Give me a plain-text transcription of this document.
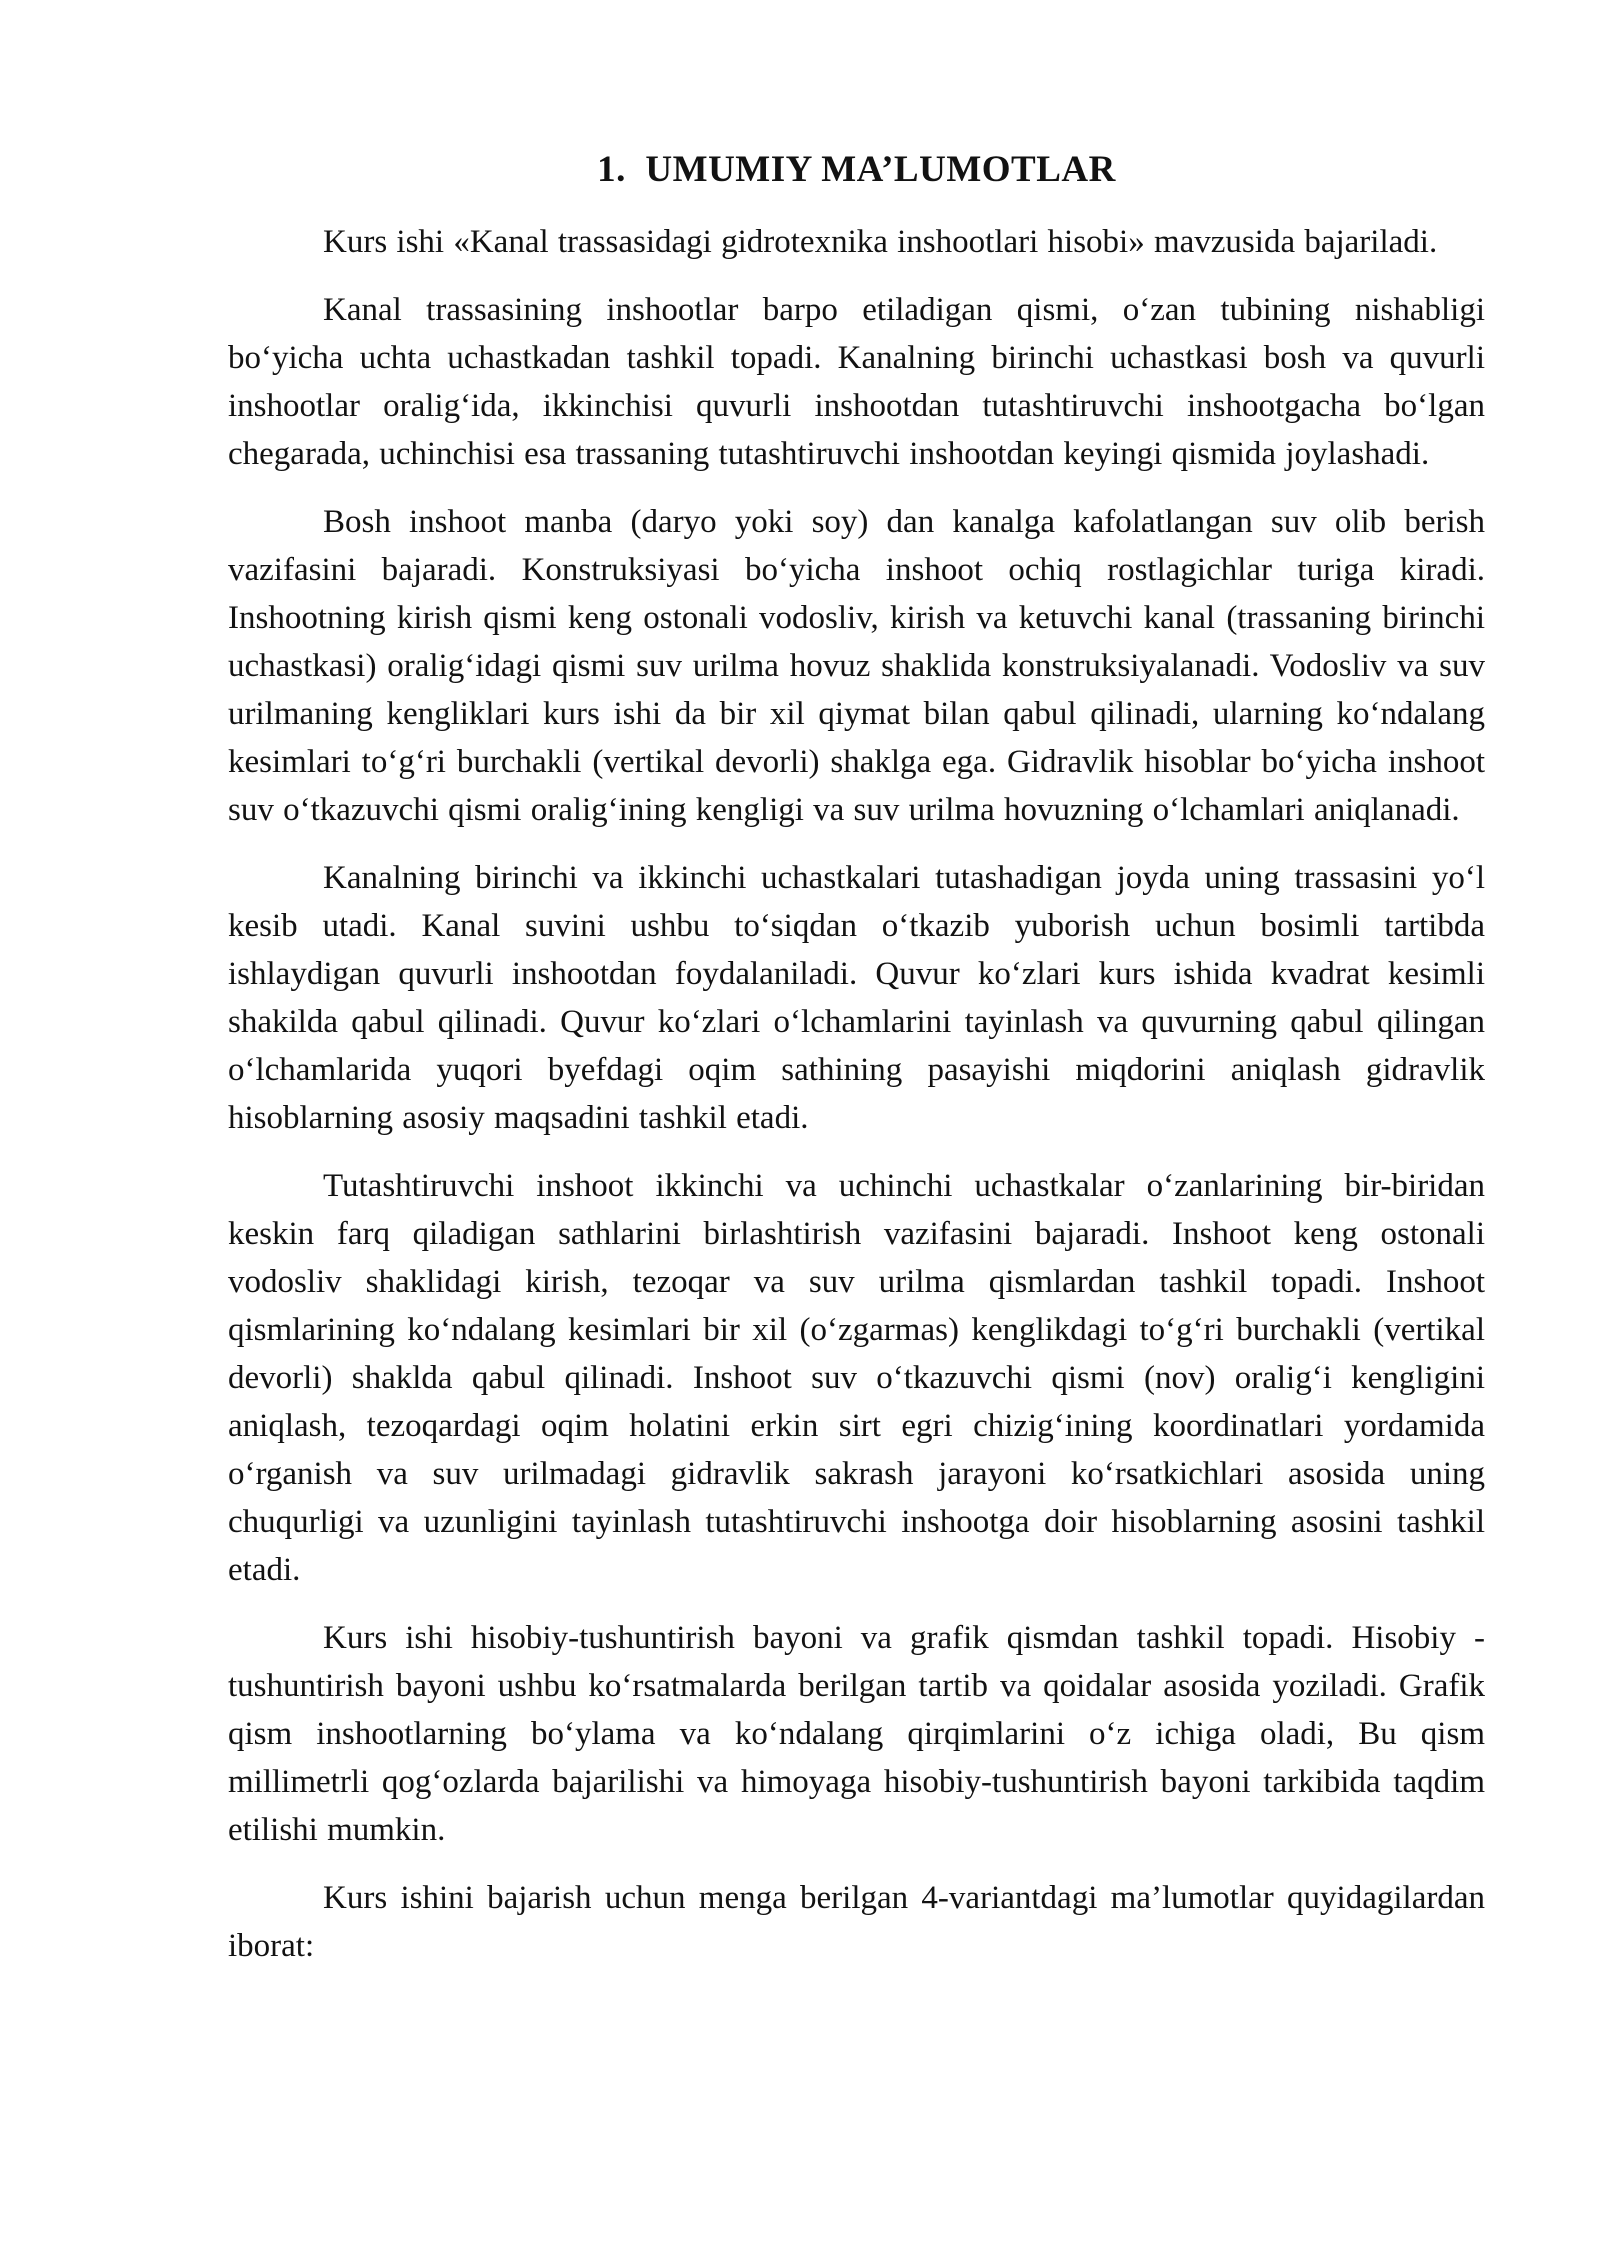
1.  UMUMIY MA’LUMOTLAR

Kurs ishi «Kanal trassasidagi gidrotexnika inshootlari hisobi» mavzusida bajariladi.

Kanal trassasining inshootlar barpo etiladigan qismi, o‘zan tubining nishabligi bo‘yicha uchta uchastkadan tashkil topadi. Kanalning birinchi uchastkasi bosh va quvurli inshootlar oralig‘ida, ikkinchisi quvurli inshootdan tutashtiruvchi inshootgacha bo‘lgan chegarada, uchinchisi esa trassaning tutashtiruvchi inshootdan keyingi qismida joylashadi.

Bosh inshoot manba (daryo yoki soy) dan kanalga kafolatlangan suv olib berish vazifasini bajaradi. Konstruksiyasi bo‘yicha inshoot ochiq rostlagichlar turiga kiradi. Inshootning kirish qismi keng ostonali vodosliv, kirish va ketuvchi kanal (trassaning birinchi uchastkasi) oralig‘idagi qismi suv urilma hovuz shaklida konstruksiyalanadi. Vodosliv va suv urilmaning kengliklari kurs ishi da bir xil qiymat bilan qabul qilinadi, ularning ko‘ndalang kesimlari to‘g‘ri burchakli (vertikal devorli) shaklga ega. Gidravlik hisoblar bo‘yicha inshoot suv o‘tkazuvchi qismi oralig‘ining kengligi va suv urilma hovuzning o‘lchamlari aniqlanadi.

Kanalning birinchi va ikkinchi uchastkalari tutashadigan joyda uning trassasini yo‘l kesib utadi. Kanal suvini ushbu to‘siqdan o‘tkazib yuborish uchun bosimli tartibda ishlaydigan quvurli inshootdan foydalaniladi. Quvur ko‘zlari kurs ishida kvadrat kesimli shakilda qabul qilinadi. Quvur ko‘zlari o‘lchamlarini tayinlash va quvurning qabul qilingan o‘lchamlarida yuqori byefdagi oqim sathining pasayishi miqdorini aniqlash gidravlik hisoblarning asosiy maqsadini tashkil etadi.

Tutashtiruvchi inshoot ikkinchi va uchinchi uchastkalar o‘zanlarining bir-biridan keskin farq qiladigan sathlarini birlashtirish vazifasini bajaradi. Inshoot keng ostonali vodosliv shaklidagi kirish, tezoqar va suv urilma qismlardan tashkil topadi. Inshoot qismlarining ko‘ndalang kesimlari bir xil (o‘zgarmas) kenglikdagi to‘g‘ri burchakli (vertikal devorli) shaklda qabul qilinadi. Inshoot suv o‘tkazuvchi qismi (nov) oralig‘i kengligini aniqlash, tezoqardagi oqim holatini erkin sirt egri chizig‘ining koordinatlari yordamida o‘rganish va suv urilmadagi gidravlik sakrash jarayoni ko‘rsatkichlari asosida uning chuqurligi va uzunligini tayinlash tutashtiruvchi inshootga doir hisoblarning asosini tashkil etadi.

Kurs ishi hisobiy-tushuntirish bayoni va grafik qismdan tashkil topadi. Hisobiy - tushuntirish bayoni ushbu ko‘rsatmalarda berilgan tartib va qoidalar asosida yoziladi. Grafik qism inshootlarning bo‘ylama va ko‘ndalang qirqimlarini o‘z ichiga oladi, Bu qism millimetrli qog‘ozlarda bajarilishi va himoyaga hisobiy-tushuntirish bayoni tarkibida taqdim etilishi mumkin.

Kurs ishini bajarish uchun menga berilgan 4-variantdagi ma’lumotlar quyidagilardan iborat:
